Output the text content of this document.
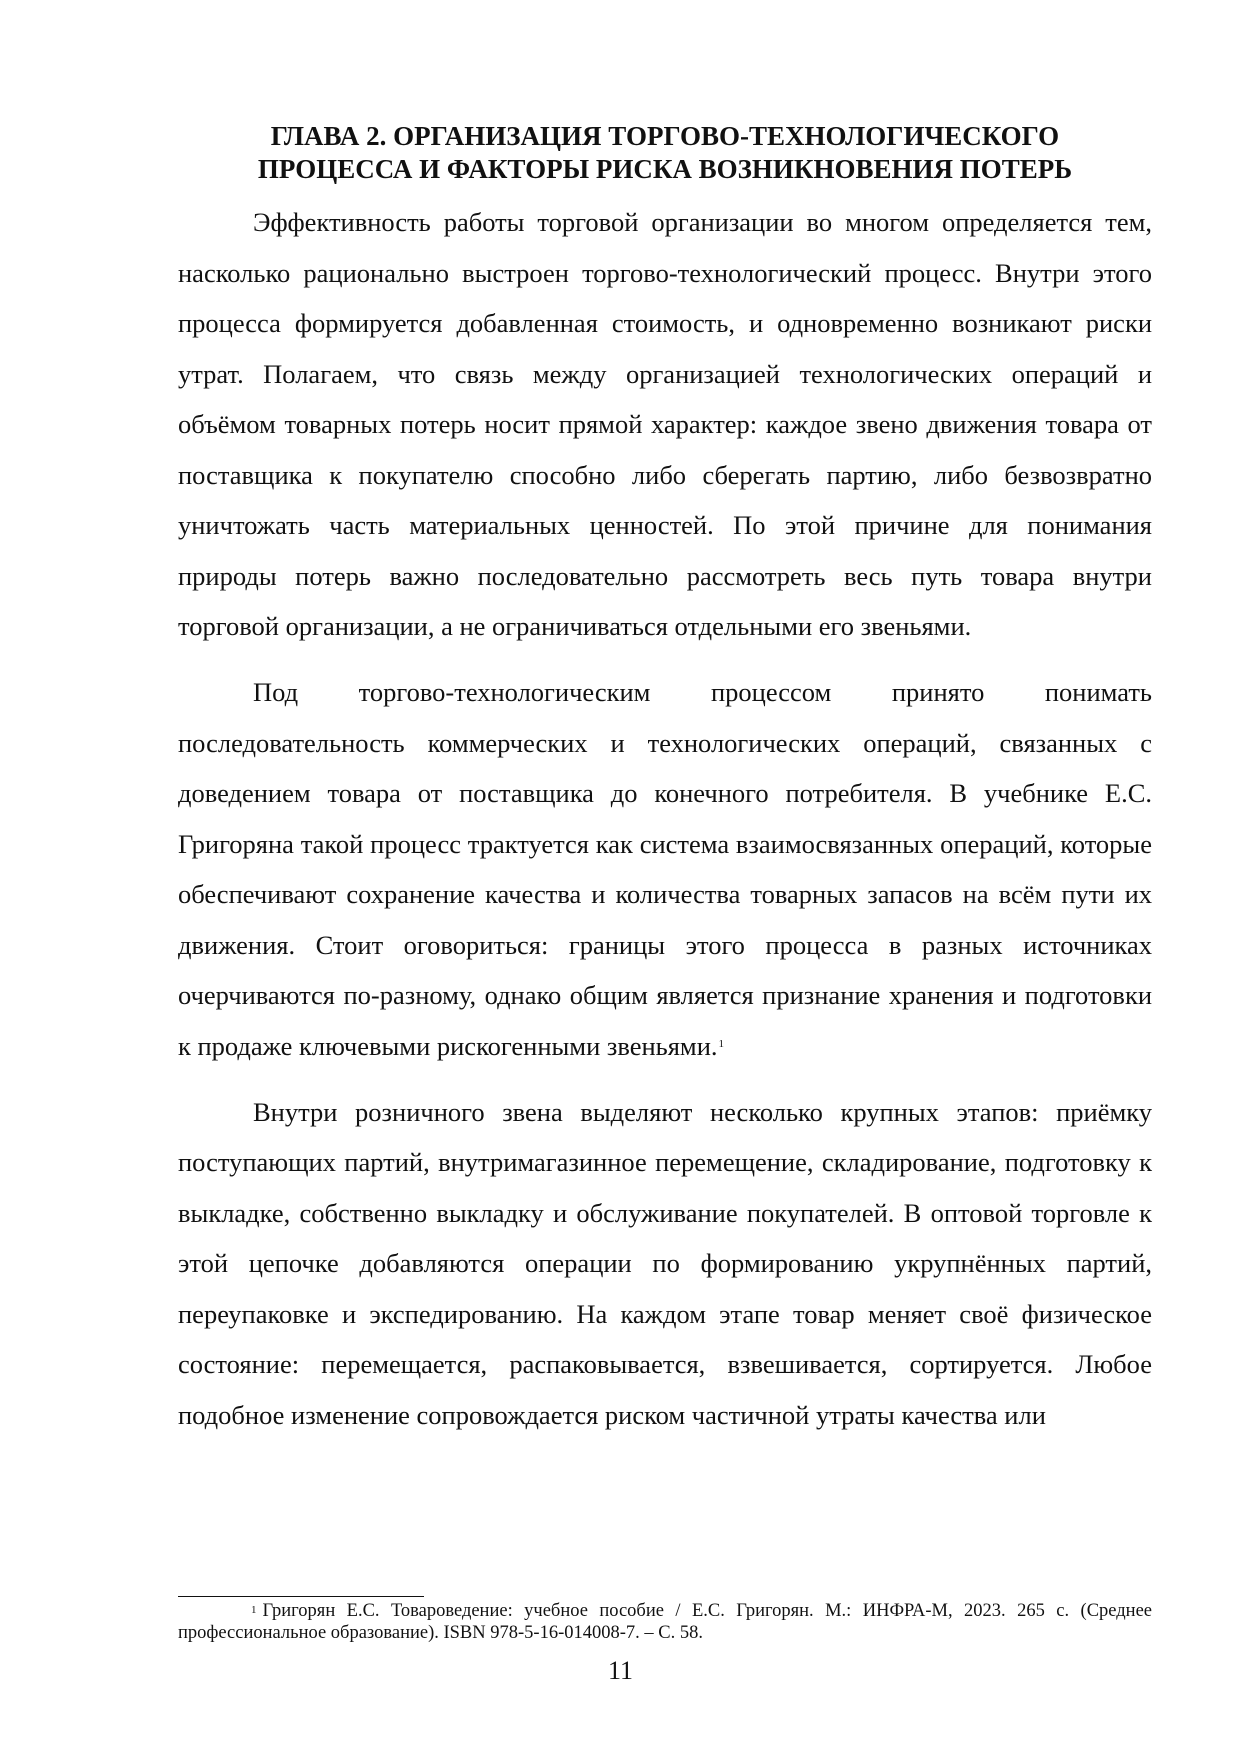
ГЛАВА 2. ОРГАНИЗАЦИЯ ТОРГОВО-ТЕХНОЛОГИЧЕСКОГО
ПРОЦЕССА И ФАКТОРЫ РИСКА ВОЗНИКНОВЕНИЯ ПОТЕРЬ

Эффективность работы торговой организации во многом определяется тем, насколько рационально выстроен торгово-технологический процесс. Внутри этого процесса формируется добавленная стоимость, и одновременно возникают риски утрат. Полагаем, что связь между организацией технологических операций и объёмом товарных потерь носит прямой характер: каждое звено движения товара от поставщика к покупателю способно либо сберегать партию, либо безвозвратно уничтожать часть материальных ценностей. По этой причине для понимания природы потерь важно последовательно рассмотреть весь путь товара внутри торговой организации, а не ограничиваться отдельными его звеньями.

Под торгово-технологическим процессом принято понимать последовательность коммерческих и технологических операций, связанных с доведением товара от поставщика до конечного потребителя. В учебнике Е.С. Григоряна такой процесс трактуется как система взаимосвязанных операций, которые обеспечивают сохранение качества и количества товарных запасов на всём пути их движения. Стоит оговориться: границы этого процесса в разных источниках очерчиваются по-разному, однако общим является признание хранения и подготовки к продаже ключевыми рискогенными звеньями.$^1$

Внутри розничного звена выделяют несколько крупных этапов: приёмку поступающих партий, внутримагазинное перемещение, складирование, подготовку к выкладке, собственно выкладку и обслуживание покупателей. В оптовой торговле к этой цепочке добавляются операции по формированию укрупнённых партий, переупаковке и экспедированию. На каждом этапе товар меняет своё физическое состояние: перемещается, распаковывается, взвешивается, сортируется. Любое подобное изменение сопровождается риском частичной утраты качества или

$^1$ Григорян Е.С. Товароведение: учебное пособие / Е.С. Григорян. М.: ИНФРА-М, 2023. 265 с. (Среднее профессиональное образование). ISBN 978-5-16-014008-7. – С. 58.

11
